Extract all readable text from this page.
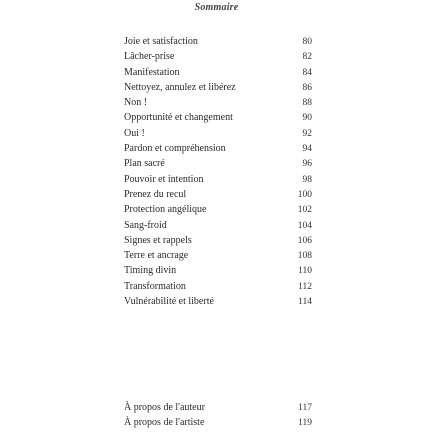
Sommaire
Joie et satisfaction	80
Lâcher-prise	82
Manifestation	84
Nettoyez, annulez et libérez	86
Non !	88
Opportunité et changement	90
Oui !	92
Pardon et compréhension	94
Plan sacré	96
Pouvoir et intention	98
Prenez du recul	100
Protection angélique	102
Sang-froid	104
Signes et rappels	106
Terre et ancrage	108
Timing divin	110
Transformation	112
Vulnérabilité et liberté	114
À propos de l'auteur	117
À propos de l'artiste	119
